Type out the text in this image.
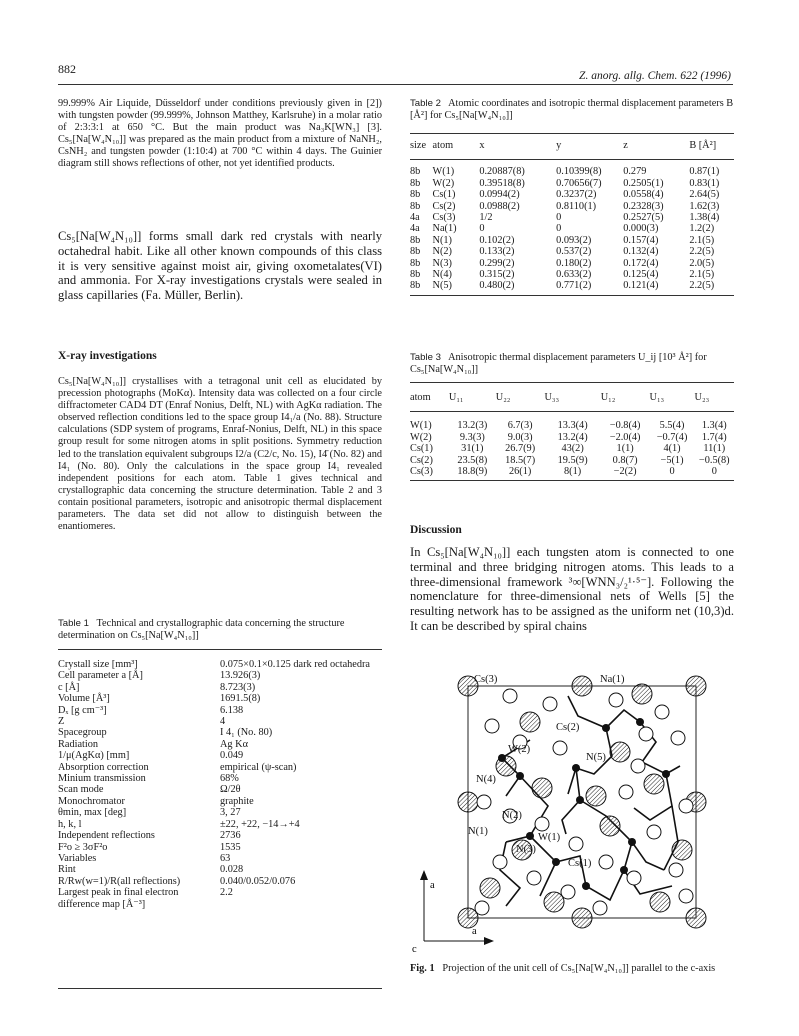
882	Z. anorg. allg. Chem. 622 (1996)

99.999% Air Liquide, Düsseldorf under conditions previously given in [2]) with tungsten powder (99.999%, Johnson Matthey, Karlsruhe) in a molar ratio of 2:3:3:1 at 650 °C. But the main product was Na₃K[WN₃] [3]. Cs₅[Na[W₄N₁₀]] was prepared as the main product from a mixture of NaNH₂, CsNH₂ and tungsten powder (1:10:4) at 700 °C within 4 days. The Guinier diagram still shows reflections of other, not yet identified products.

Cs₅[Na[W₄N₁₀]] forms small dark red crystals with nearly octahedral habit. Like all other known compounds of this class it is very sensitive against moist air, giving oxometalates(VI) and ammonia. For X-ray investigations crystals were sealed in glass capillaries (Fa. Müller, Berlin).

X-ray investigations

Cs₅[Na[W₄N₁₀]] crystallises with a tetragonal unit cell as elucidated by precession photographs (MoKα). Intensity data was collected on a four circle diffractometer CAD4 DT (Enraf Nonius, Delft, NL) with AgKα radiation. The observed reflection conditions led to the space group I4₁/a (No. 88). Structure calculations (SDP system of programs, Enraf-Nonius, Delft, NL) in this space group result for some nitrogen atoms in split positions. Symmetry reduction led to the translation equivalent subgroups I2/a (C2/c, No. 15), I4̄ (No. 82) and I4₁ (No. 80). Only the calculations in the space group I4₁ revealed independent positions for each atom. Table 1 gives technical and crystallographic data concerning the structure determination. Table 2 and 3 contain positional parameters, isotropic and anisotropic thermal displacement parameters. The data set did not allow to distinguish between the enantiomeres.

Table 1 Technical and crystallographic data concerning the structure determination on Cs₅[Na[W₄N₁₀]]

Crystall size [mm³]	0.075×0.1×0.125 dark red octahedra
Cell parameter a [Å]	13.926(3)
c [Å]	8.723(3)
Volume [Å³]	1691.5(8)
Dₓ [g cm⁻³]	6.138
Z	4
Spacegroup	I 4₁ (No. 80)
Radiation	Ag Kα
1/μ(AgKα) [mm]	0.049
Absorption correction	empirical (ψ-scan)
Minium transmission	68%
Scan mode	Ω/2θ
Monochromator	graphite
θmin, max [deg]	3, 27
h, k, l	±22, +22, −14→+4
Independent reflections	2736
F²o ≥ 3σF²o	1535
Variables	63
Rint	0.028
R/Rw(w=1)/R(all reflections)	0.040/0.052/0.076
Largest peak in final electron difference map [Å⁻³]	2.2

Table 2 Atomic coordinates and isotropic thermal displacement parameters B [Å²] for Cs₅[Na[W₄N₁₀]]

size	atom	x	y	z	B [Å²]
8b	W(1)	0.20887(8)	0.10399(8)	0.279	0.87(1)
8b	W(2)	0.39518(8)	0.70656(7)	0.2505(1)	0.83(1)
8b	Cs(1)	0.0994(2)	0.3237(2)	0.0558(4)	2.64(5)
8b	Cs(2)	0.0988(2)	0.8110(1)	0.2328(3)	1.62(3)
4a	Cs(3)	1/2	0	0.2527(5)	1.38(4)
4a	Na(1)	0	0	0.000(3)	1.2(2)
8b	N(1)	0.102(2)	0.093(2)	0.157(4)	2.1(5)
8b	N(2)	0.133(2)	0.537(2)	0.132(4)	2.2(5)
8b	N(3)	0.299(2)	0.180(2)	0.172(4)	2.0(5)
8b	N(4)	0.315(2)	0.633(2)	0.125(4)	2.1(5)
8b	N(5)	0.480(2)	0.771(2)	0.121(4)	2.2(5)

Table 3 Anisotropic thermal displacement parameters U_ij [10³ Å²] for Cs₅[Na[W₄N₁₀]]

atom	U₁₁	U₂₂	U₃₃	U₁₂	U₁₃	U₂₃
W(1)	13.2(3)	6.7(3)	13.3(4)	−0.8(4)	5.5(4)	1.3(4)
W(2)	9.3(3)	9.0(3)	13.2(4)	−2.0(4)	−0.7(4)	1.7(4)
Cs(1)	31(1)	26.7(9)	43(2)	1(1)	4(1)	11(1)
Cs(2)	23.5(8)	18.5(7)	19.5(9)	0.8(7)	−5(1)	−0.5(8)
Cs(3)	18.8(9)	26(1)	8(1)	−2(2)	0	0
Discussion

In Cs₅[Na[W₄N₁₀]] each tungsten atom is connected to one terminal and three bridging nitrogen atoms. This leads to a three-dimensional framework ³∞[WNN₃/₂¹·⁵⁻]. Following the nomenclature for three-dimensional nets of Wells [5] the resulting network has to be assigned as the uniform net (10,3)d. It can be described by spiral chains

Cs(3)	Na(1)
Cs(2)
W(2)
N(5)
N(4)
N(2)
N(1)
N(3)
W(1)
Cs(1)
a
a
c

Fig. 1 Projection of the unit cell of Cs₅[Na[W₄N₁₀]] parallel to the c-axis
